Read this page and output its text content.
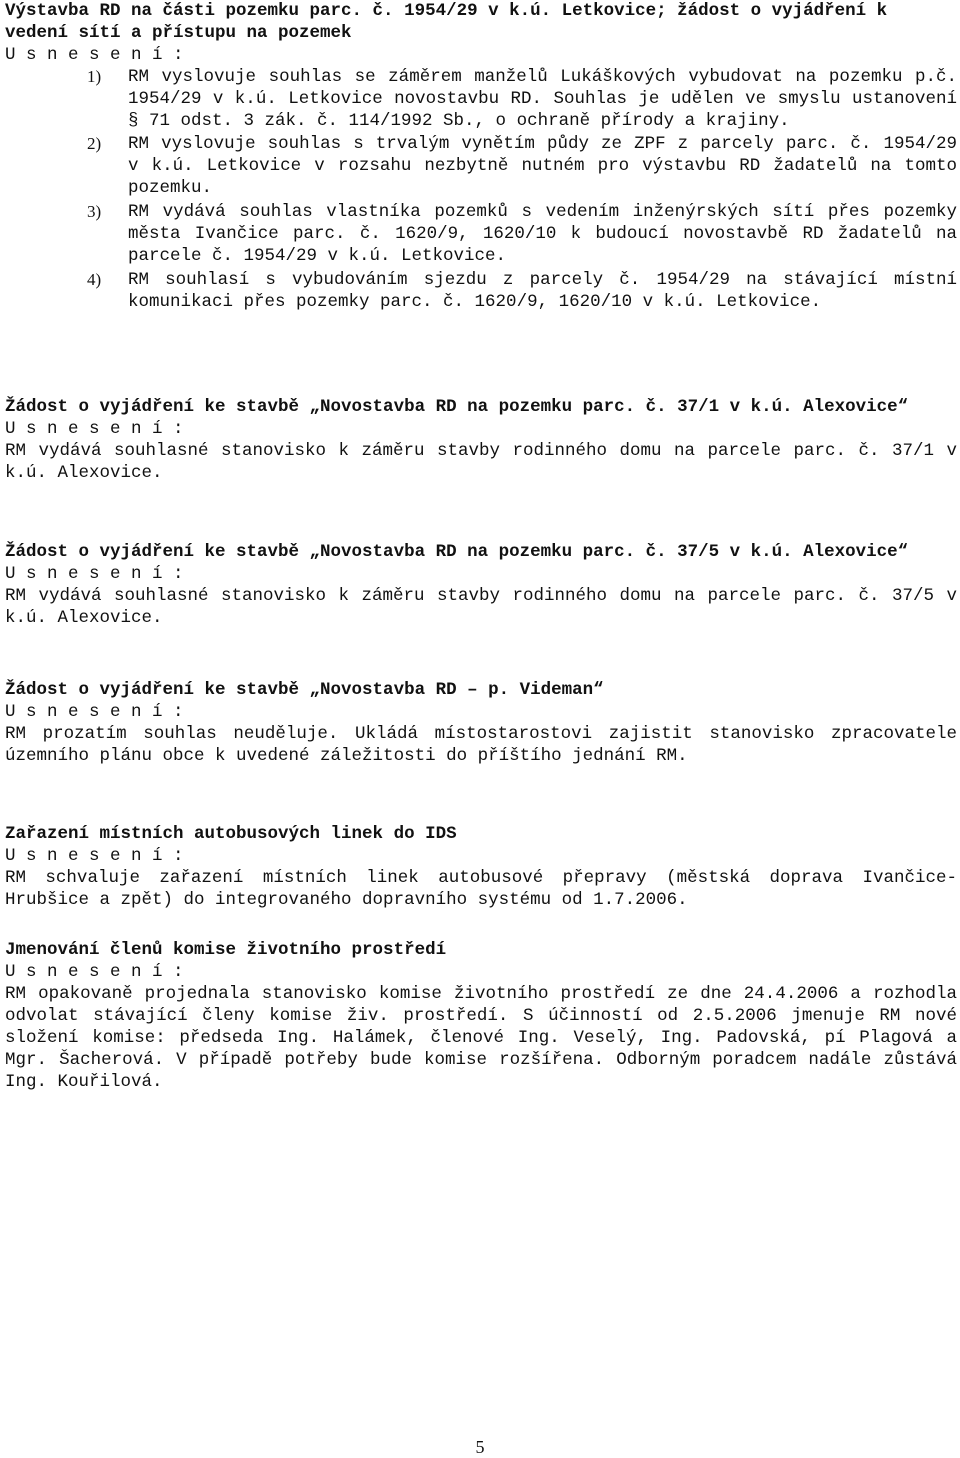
Výstavba RD na části pozemku parc. č. 1954/29 v k.ú. Letkovice; žádost o vyjádření k vedení sítí a přístupu na pozemek
U s n e s e n í :
1) RM vyslovuje souhlas se záměrem manželů Lukáškových vybudovat na pozemku p.č. 1954/29 v k.ú. Letkovice novostavbu RD. Souhlas je udělen ve smyslu ustanovení § 71 odst. 3 zák. č. 114/1992 Sb., o ochraně přírody a krajiny.
2) RM vyslovuje souhlas s trvalým vynětím půdy ze ZPF z parcely parc. č. 1954/29 v k.ú. Letkovice v rozsahu nezbytně nutném pro výstavbu RD žadatelů na tomto pozemku.
3) RM vydává souhlas vlastníka pozemků s vedením inženýrských sítí přes pozemky města Ivančice parc. č. 1620/9, 1620/10 k budoucí novostavbě RD žadatelů na parcele č. 1954/29 v k.ú. Letkovice.
4) RM souhlasí s vybudováním sjezdu z parcely č. 1954/29 na stávající místní komunikaci přes pozemky parc. č. 1620/9, 1620/10 v k.ú. Letkovice.
Žádost o vyjádření ke stavbě „Novostavba RD na pozemku parc. č. 37/1 v k.ú. Alexovice“
U s n e s e n í :

RM vydává souhlasné stanovisko k záměru stavby rodinného domu na parcele parc. č. 37/1 v k.ú. Alexovice.

Žádost o vyjádření ke stavbě „Novostavba RD na pozemku parc. č. 37/5 v k.ú. Alexovice“
U s n e s e n í :

RM vydává souhlasné stanovisko k záměru stavby rodinného domu na parcele parc. č. 37/5 v k.ú. Alexovice.

Žádost o vyjádření ke stavbě „Novostavba RD – p. Videman“
U s n e s e n í :

RM prozatím souhlas neuděluje. Ukládá místostarostovi zajistit stanovisko zpracovatele územního plánu obce k uvedené záležitosti do příštího jednání RM.

Zařazení místních autobusových linek do IDS
U s n e s e n í :

RM schvaluje zařazení místních linek autobusové přepravy (městská doprava Ivančice-Hrubšice a zpět) do integrovaného dopravního systému od 1.7.2006.

Jmenování členů komise životního prostředí
U s n e s e n í :

RM opakovaně projednala stanovisko komise životního prostředí ze dne 24.4.2006 a rozhodla odvolat stávající členy komise živ. prostředí. S účinností od 2.5.2006 jmenuje RM nové složení komise: předseda Ing. Halámek, členové Ing. Veselý, Ing. Padovská, pí Plagová a Mgr. Šacherová. V případě potřeby bude komise rozšířena. Odborným poradcem nadále zůstává Ing. Kouřilová.

5
